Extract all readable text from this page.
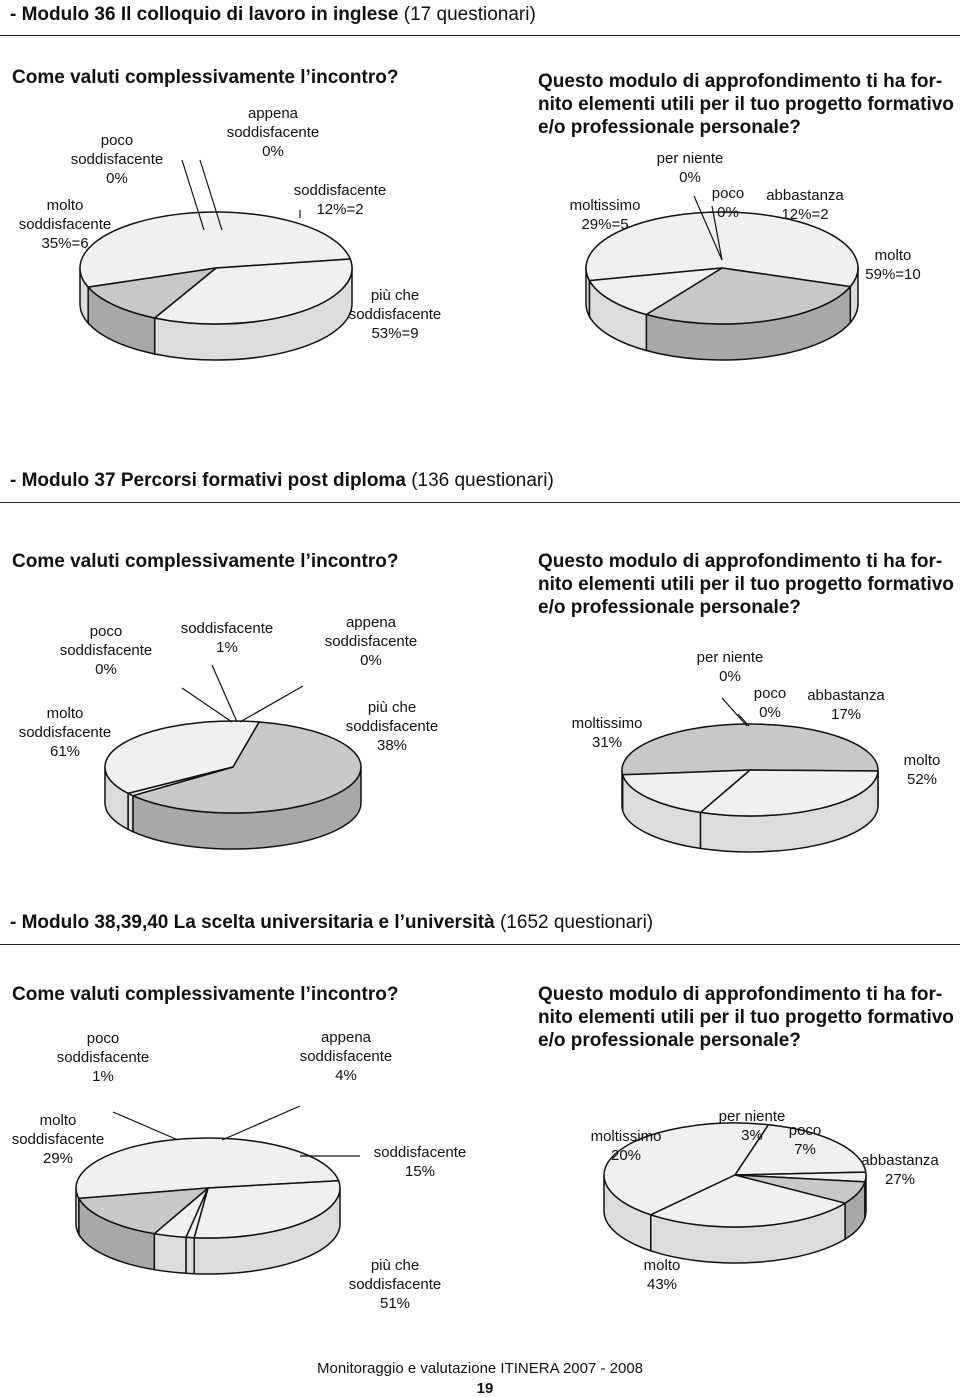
- Modulo 36 Il colloquio di lavoro in inglese (17 questionari)

Come valuti complessivamente l’incontro?	Questo modulo di approfondimento ti ha for-nito elementi utili per il tuo progetto formativo e/o professionale personale?

- Modulo 37 Percorsi formativi post diploma (136 questionari)

Come valuti complessivamente l’incontro?	Questo modulo di approfondimento ti ha for-nito elementi utili per il tuo progetto formativo e/o professionale personale?

- Modulo 38,39,40 La scelta universitaria e l’università (1652 questionari)

Come valuti complessivamente l’incontro?	Questo modulo di approfondimento ti ha for-nito elementi utili per il tuo progetto formativo e/o professionale personale?

più che soddisfacente 53%=9
molto soddisfacente 35%=6
poco soddisfacente 0%
appena soddisfacente 0%
soddisfacente 12%=2
molto 59%=10
moltissimo 29%=5
per niente 0%
poco 0%
abbastanza 12%=2
più che soddisfacente 38%
molto soddisfacente 61%
poco soddisfacente 0%
soddisfacente 1%
appena soddisfacente 0%
molto 52%
moltissimo 31%
per niente 0%
poco 0%
abbastanza 17%
più che soddisfacente 51%
molto soddisfacente 29%
poco soddisfacente 1%
appena soddisfacente 4%
soddisfacente 15%
molto 43%
moltissimo 20%
per niente 3%	poco 7%
abbastanza 27%
Monitoraggio e valutazione ITINERA 2007 - 2008
19
